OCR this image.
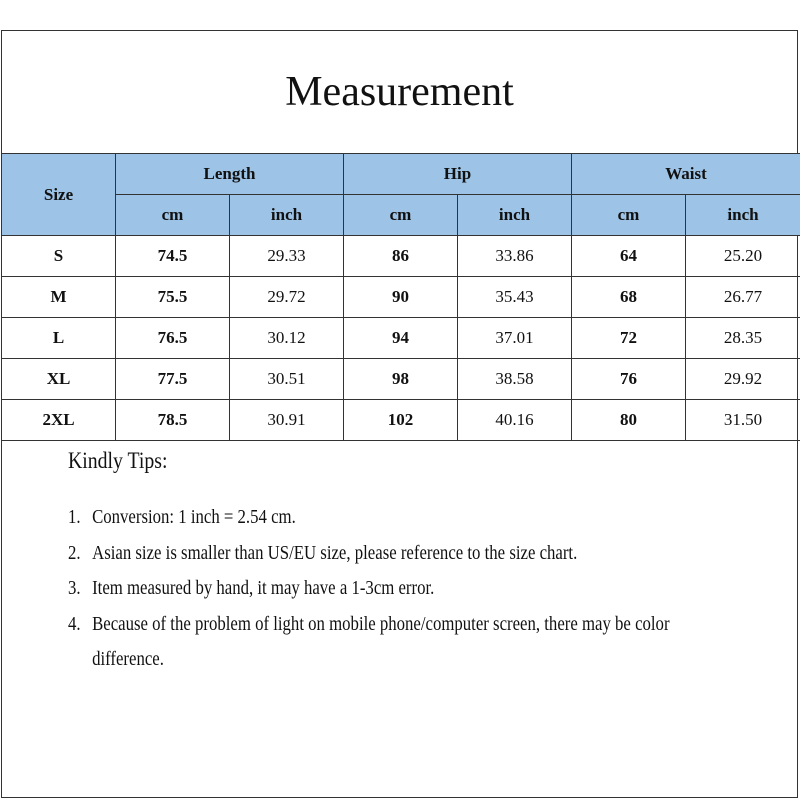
Measurement
Size	Length		Hip		Waist	
	cm	inch	cm	inch	cm	inch
S	74.5	29.33	86	33.86	64	25.20
M	75.5	29.72	90	35.43	68	26.77
L	76.5	30.12	94	37.01	72	28.35
XL	77.5	30.51	98	38.58	76	29.92
2XL	78.5	30.91	102	40.16	80	31.50
Kindly Tips:
1. Conversion: 1 inch = 2.54 cm.
2. Asian size is smaller than US/EU size, please reference to the size chart.
3. Item measured by hand, it may have a 1-3cm error.
4. Because of the problem of light on mobile phone/computer screen, there may be color difference.
